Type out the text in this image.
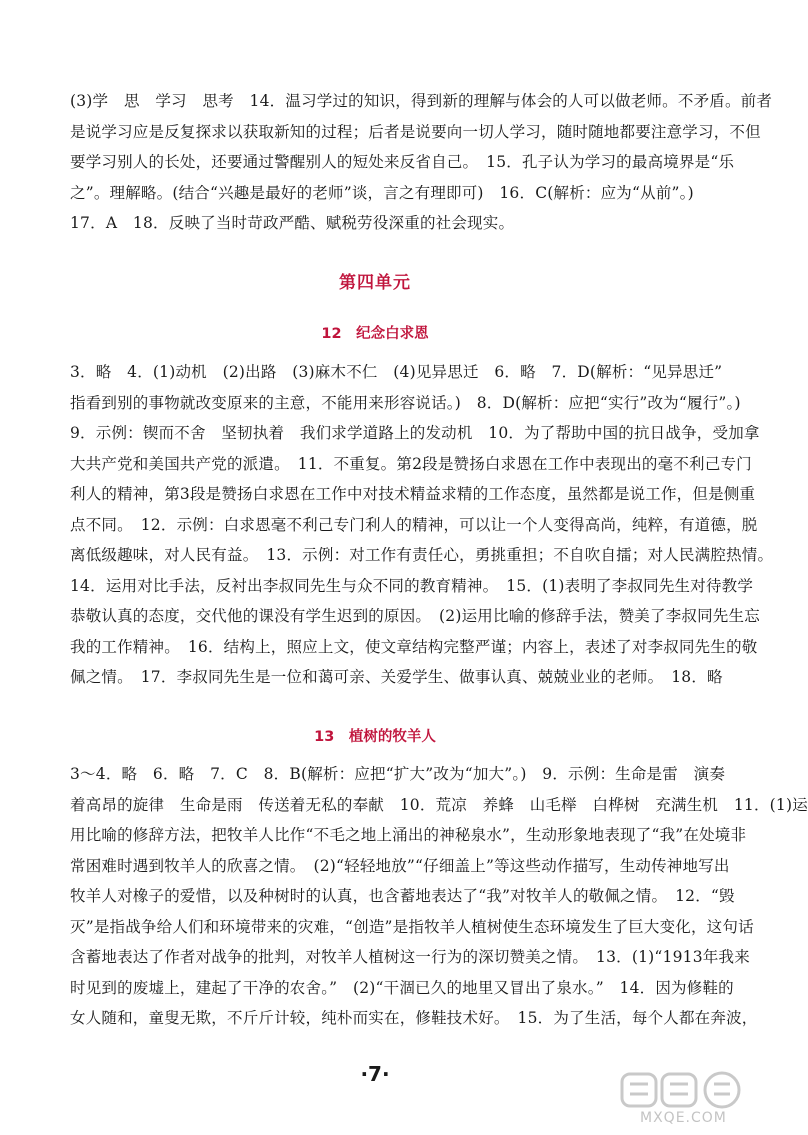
(3)学　思　学习　思考　14．温习学过的知识，得到新的理解与体会的人可以做老师。不矛盾。前者
是说学习应是反复探求以获取新知的过程；后者是说要向一切人学习，随时随地都要注意学习，不但
要学习别人的长处，还要通过警醒别人的短处来反省自己。　15．孔子认为学习的最高境界是“乐
之”。理解略。(结合“兴趣是最好的老师”谈，言之有理即可)　16．C(解析：应为“从前”。)
17．A　18．反映了当时苛政严酷、赋税劳役深重的社会现实。
第四单元
12　纪念白求恩
3．略　4．(1)动机　(2)出路　(3)麻木不仁　(4)见异思迁　6．略　7．D(解析：“见异思迁”
指看到别的事物就改变原来的主意，不能用来形容说话。)　8．D(解析：应把“实行”改为“履行”。)
9．示例：锲而不舍　坚韧执着　我们求学道路上的发动机　10．为了帮助中国的抗日战争，受加拿
大共产党和美国共产党的派遣。　11．不重复。第2段是赞扬白求恩在工作中表现出的毫不利己专门
利人的精神，第3段是赞扬白求恩在工作中对技术精益求精的工作态度，虽然都是说工作，但是侧重
点不同。　12．示例：白求恩毫不利己专门利人的精神，可以让一个人变得高尚，纯粹，有道德，脱
离低级趣味，对人民有益。　13．示例：对工作有责任心，勇挑重担；不自吹自擂；对人民满腔热情。
14．运用对比手法，反衬出李叔同先生与众不同的教育精神。　15．(1)表明了李叔同先生对待教学
恭敬认真的态度，交代他的课没有学生迟到的原因。　(2)运用比喻的修辞手法，赞美了李叔同先生忘
我的工作精神。　16．结构上，照应上文，使文章结构完整严谨；内容上，表述了对李叔同先生的敬
佩之情。　17．李叔同先生是一位和蔼可亲、关爱学生、做事认真、兢兢业业的老师。　18．略
13　植树的牧羊人
3～4．略　6．略　7．C　8．B(解析：应把“扩大”改为“加大”。)　9．示例：生命是雷　演奏
着高昂的旋律　生命是雨　传送着无私的奉献　10．荒凉　养蜂　山毛榉　白桦树　充满生机　11．(1)运
用比喻的修辞方法，把牧羊人比作“不毛之地上涌出的神秘泉水”，生动形象地表现了“我”在处境非
常困难时遇到牧羊人的欣喜之情。　(2)“轻轻地放”“仔细盖上”等这些动作描写，生动传神地写出
牧羊人对橡子的爱惜，以及种树时的认真，也含蓄地表达了“我”对牧羊人的敬佩之情。　12．“毁
灭”是指战争给人们和环境带来的灾难，“创造”是指牧羊人植树使生态环境发生了巨大变化，这句话
含蓄地表达了作者对战争的批判，对牧羊人植树这一行为的深切赞美之情。　13．(1)“1913年我来
时见到的废墟上，建起了干净的农舍。”　(2)“干涸已久的地里又冒出了泉水。”　14．因为修鞋的
女人随和，童叟无欺，不斤斤计较，纯朴而实在，修鞋技术好。　15．为了生活，每个人都在奔波，
·7·
MXQE.COM
